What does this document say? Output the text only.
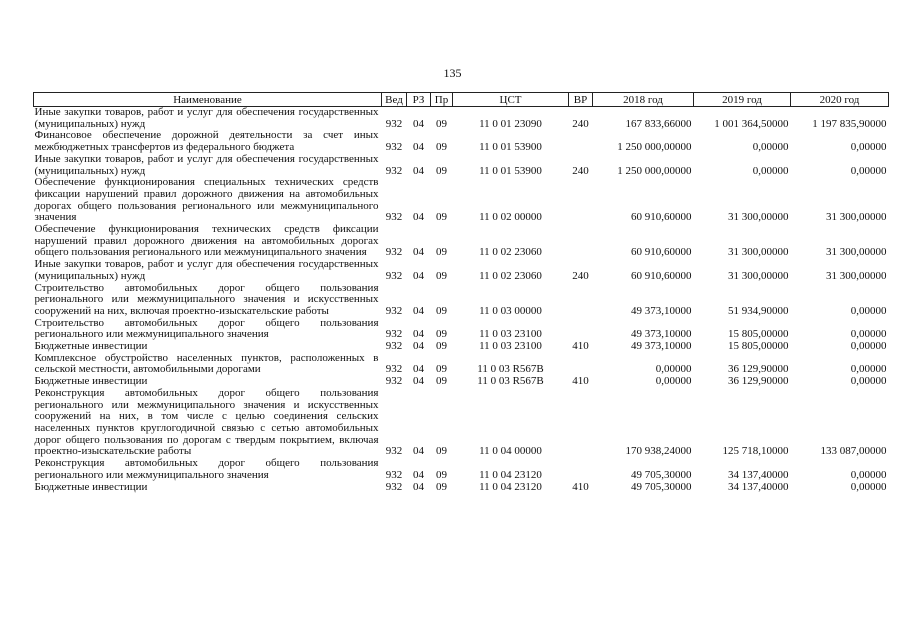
135
Наименование	Вед	РЗ	Пр	ЦСТ	ВР	2018 год	2019 год	2020 год
Иные закупки товаров, работ и услуг для обеспечения государственных (муниципальных) нужд	932	04	09	11 0 01 23090	240	167 833,66000	1 001 364,50000	1 197 835,90000
Финансовое обеспечение дорожной деятельности за счет иных межбюджетных трансфертов из федерального бюджета	932	04	09	11 0 01 53900		1 250 000,00000	0,00000	0,00000
Иные закупки товаров, работ и услуг для обеспечения государственных (муниципальных) нужд	932	04	09	11 0 01 53900	240	1 250 000,00000	0,00000	0,00000
Обеспечение функционирования специальных технических средств фиксации нарушений правил дорожного движения на автомобильных дорогах общего пользования регионального или межмуниципального значения	932	04	09	11 0 02 00000		60 910,60000	31 300,00000	31 300,00000
Обеспечение функционирования технических средств фиксации нарушений правил дорожного движения на автомобильных дорогах общего пользования регионального или межмуниципального значения	932	04	09	11 0 02 23060		60 910,60000	31 300,00000	31 300,00000
Иные закупки товаров, работ и услуг для обеспечения государственных (муниципальных) нужд	932	04	09	11 0 02 23060	240	60 910,60000	31 300,00000	31 300,00000
Строительство автомобильных дорог общего пользования регионального или межмуниципального значения и искусственных сооружений на них, включая проектно-изыскательские работы	932	04	09	11 0 03 00000		49 373,10000	51 934,90000	0,00000
Строительство автомобильных дорог общего пользования регионального или межмуниципального значения	932	04	09	11 0 03 23100		49 373,10000	15 805,00000	0,00000
Бюджетные инвестиции	932	04	09	11 0 03 23100	410	49 373,10000	15 805,00000	0,00000
Комплексное обустройство населенных пунктов, расположенных в сельской местности, автомобильными дорогами	932	04	09	11 0 03 R567B		0,00000	36 129,90000	0,00000
Бюджетные инвестиции	932	04	09	11 0 03 R567B	410	0,00000	36 129,90000	0,00000
Реконструкция автомобильных дорог общего пользования регионального или межмуниципального значения и искусственных сооружений на них, в том числе с целью соединения сельских населенных пунктов круглогодичной связью с сетью автомобильных дорог общего пользования по дорогам с твердым покрытием, включая проектно-изыскательские работы	932	04	09	11 0 04 00000		170 938,24000	125 718,10000	133 087,00000
Реконструкция автомобильных дорог общего пользования регионального или межмуниципального значения	932	04	09	11 0 04 23120		49 705,30000	34 137,40000	0,00000
Бюджетные инвестиции	932	04	09	11 0 04 23120	410	49 705,30000	34 137,40000	0,00000
